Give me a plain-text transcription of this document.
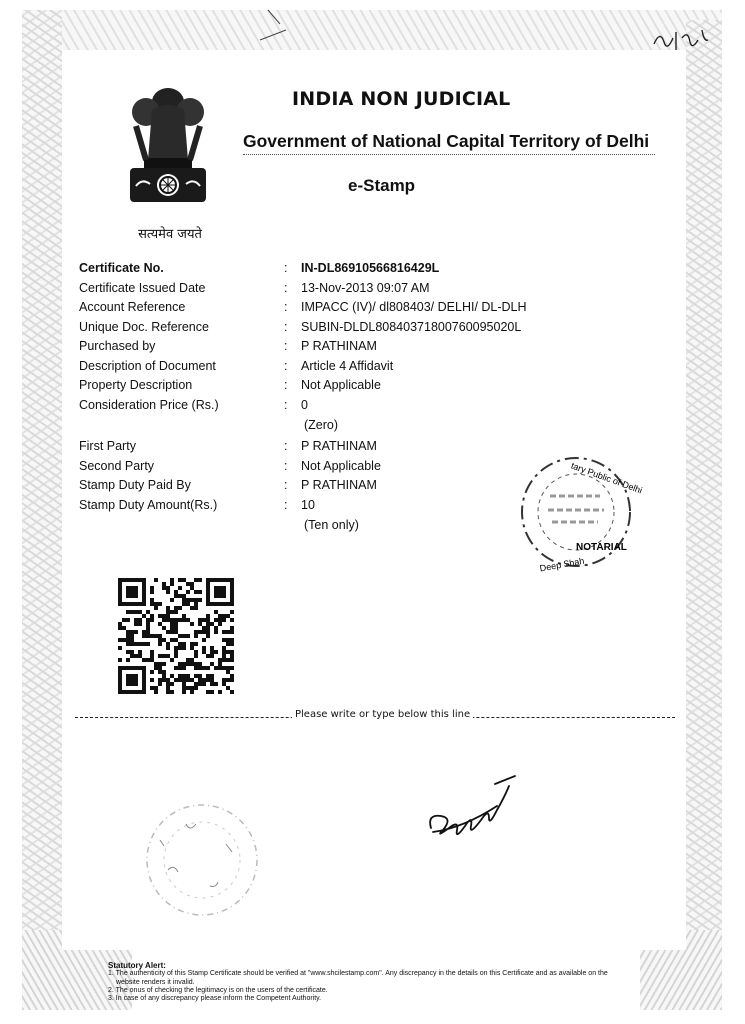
सत्यमेव जयते
INDIA NON JUDICIAL
Government of National Capital Territory of Delhi
e-Stamp
Certificate No.	: IN-DL86910566816429L
Certificate Issued Date	: 13-Nov-2013 09:07 AM
Account Reference	: IMPACC (IV)/ dl808403/ DELHI/ DL-DLH
Unique Doc. Reference	: SUBIN-DLDL80840371800760095020L
Purchased by	: P RATHINAM
Description of Document	: Article 4 Affidavit
Property Description	: Not Applicable
Consideration Price (Rs.)	: 0
(Zero)
First Party	: P RATHINAM
Second Party	: Not Applicable
Stamp Duty Paid By	: P RATHINAM
Stamp Duty Amount(Rs.)	: 10
(Ten only)
tary Public of Delhi
NOTARIAL
Deep Shah
Please write or type below this line
Statutory Alert:
1. The authenticity of this Stamp Certificate should be verified at "www.shcilestamp.com". Any discrepancy in the details on this Certificate and as available on the website renders it invalid.
2. The onus of checking the legitimacy is on the users of the certificate.
3. In case of any discrepancy please inform the Competent Authority.
